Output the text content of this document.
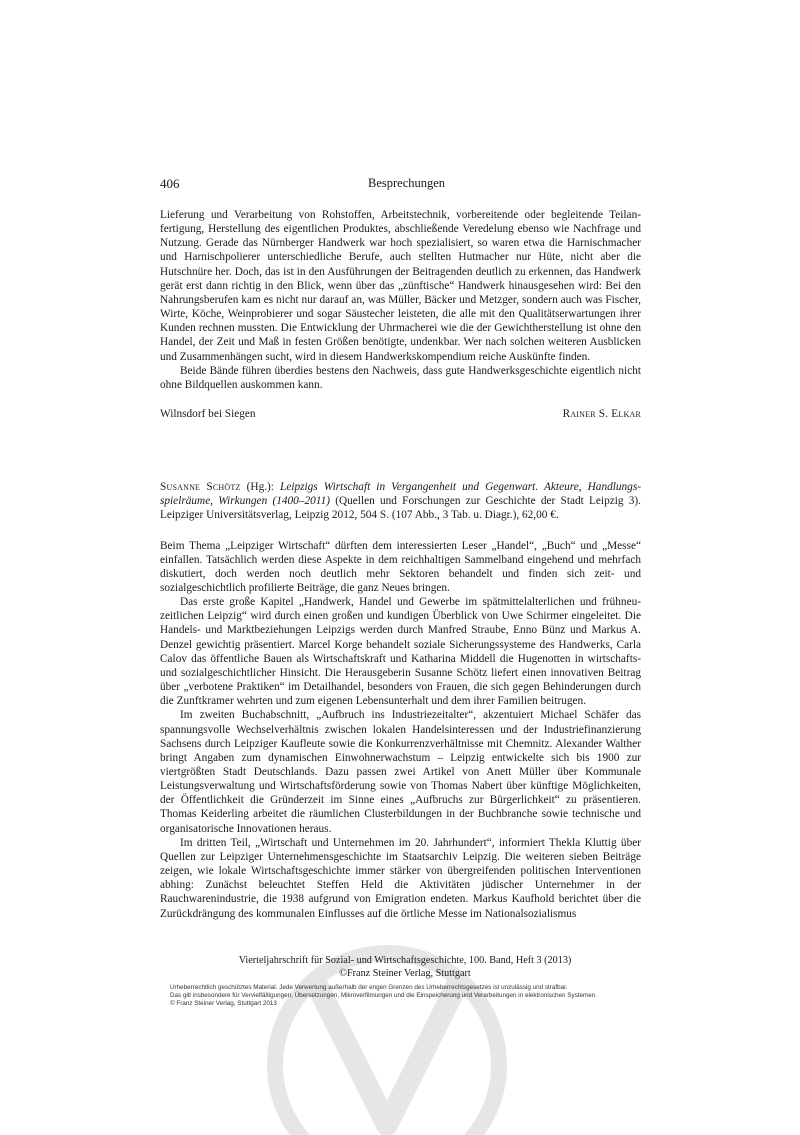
406	Besprechungen

Lieferung und Verarbeitung von Rohstoffen, Arbeitstechnik, vorbereitende oder begleitende Teilanfertigung, Herstellung des eigentlichen Produktes, abschließende Veredelung ebenso wie Nachfrage und Nutzung. Gerade das Nürnberger Handwerk war hoch spezialisiert, so waren etwa die Harnischmacher und Harnischpolierer unterschiedliche Berufe, auch stellten Hutmacher nur Hüte, nicht aber die Hutschnüre her. Doch, das ist in den Ausführungen der Beitragenden deutlich zu erkennen, das Handwerk gerät erst dann richtig in den Blick, wenn über das „zünftische“ Handwerk hinausgesehen wird: Bei den Nahrungsberufen kam es nicht nur darauf an, was Müller, Bäcker und Metzger, sondern auch was Fischer, Wirte, Köche, Weinprobierer und sogar Säustecher leisteten, die alle mit den Qualitätserwartungen ihrer Kunden rechnen mussten. Die Entwicklung der Uhrmacherei wie die der Gewichtherstellung ist ohne den Handel, der Zeit und Maß in festen Größen benötigte, undenkbar. Wer nach solchen weiteren Ausblicken und Zusammenhängen sucht, wird in diesem Handwerkskompendium reiche Auskünfte finden.

Beide Bände führen überdies bestens den Nachweis, dass gute Handwerksgeschichte eigentlich nicht ohne Bildquellen auskommen kann.

Wilnsdorf bei Siegen	Rainer S. Elkar
Susanne Schötz (Hg.): Leipzigs Wirtschaft in Vergangenheit und Gegenwart. Akteure, Handlungsspielräume, Wirkungen (1400–2011) (Quellen und Forschungen zur Geschichte der Stadt Leipzig 3). Leipziger Universitätsverlag, Leipzig 2012, 504 S. (107 Abb., 3 Tab. u. Diagr.), 62,00 €.

Beim Thema „Leipziger Wirtschaft“ dürften dem interessierten Leser „Handel“, „Buch“ und „Messe“ einfallen. Tatsächlich werden diese Aspekte in dem reichhaltigen Sammelband eingehend und mehrfach diskutiert, doch werden noch deutlich mehr Sektoren behandelt und finden sich zeit- und sozialgeschichtlich profilierte Beiträge, die ganz Neues bringen.

Das erste große Kapitel „Handwerk, Handel und Gewerbe im spätmittelalterlichen und frühneuzeitlichen Leipzig“ wird durch einen großen und kundigen Überblick von Uwe Schirmer eingeleitet. Die Handels- und Marktbeziehungen Leipzigs werden durch Manfred Straube, Enno Bünz und Markus A. Denzel gewichtig präsentiert. Marcel Korge behandelt soziale Sicherungssysteme des Handwerks, Carla Calov das öffentliche Bauen als Wirtschaftskraft und Katharina Middell die Hugenotten in wirtschafts- und sozialgeschichtlicher Hinsicht. Die Herausgeberin Susanne Schötz liefert einen innovativen Beitrag über „verbotene Praktiken“ im Detailhandel, besonders von Frauen, die sich gegen Behinderungen durch die Zunftkramer wehrten und zum eigenen Lebensunterhalt und dem ihrer Familien beitrugen.

Im zweiten Buchabschnitt, „Aufbruch ins Industriezeitalter“, akzentuiert Michael Schäfer das spannungsvolle Wechselverhältnis zwischen lokalen Handelsinteressen und der Industriefinanzierung Sachsens durch Leipziger Kaufleute sowie die Konkurrenzverhältnisse mit Chemnitz. Alexander Walther bringt Angaben zum dynamischen Einwohnerwachstum – Leipzig entwickelte sich bis 1900 zur viertgrößten Stadt Deutschlands. Dazu passen zwei Artikel von Anett Müller über Kommunale Leistungsverwaltung und Wirtschaftsförderung sowie von Thomas Nabert über künftige Möglichkeiten, der Öffentlichkeit die Gründerzeit im Sinne eines „Aufbruchs zur Bürgerlichkeit“ zu präsentieren. Thomas Keiderling arbeitet die räumlichen Clusterbildungen in der Buchbranche sowie technische und organisatorische Innovationen heraus.

Im dritten Teil, „Wirtschaft und Unternehmen im 20. Jahrhundert“, informiert Thekla Kluttig über Quellen zur Leipziger Unternehmensgeschichte im Staatsarchiv Leipzig. Die weiteren sieben Beiträge zeigen, wie lokale Wirtschaftsgeschichte immer stärker von übergreifenden politischen Interventionen abhing: Zunächst beleuchtet Steffen Held die Aktivitäten jüdischer Unternehmer in der Rauchwarenindustrie, die 1938 aufgrund von Emigration endeten. Markus Kaufhold berichtet über die Zurückdrängung des kommunalen Einflusses auf die örtliche Messe im Nationalsozialismus

Vierteljahrschrift für Sozial- und Wirtschaftsgeschichte, 100. Band, Heft 3 (2013)
©Franz Steiner Verlag, Stuttgart
Urheberrechtlich geschütztes Material. Jede Verwertung außerhalb der engen Grenzen des Urheberrechtsgesetzes ist unzulässig und strafbar.
Das gilt insbesondere für Vervielfältigungen, Übersetzungen, Mikroverfilmungen und die Einspeicherung und Verarbeitungen in elektronischen Systemen.
© Franz Steiner Verlag, Stuttgart 2013
